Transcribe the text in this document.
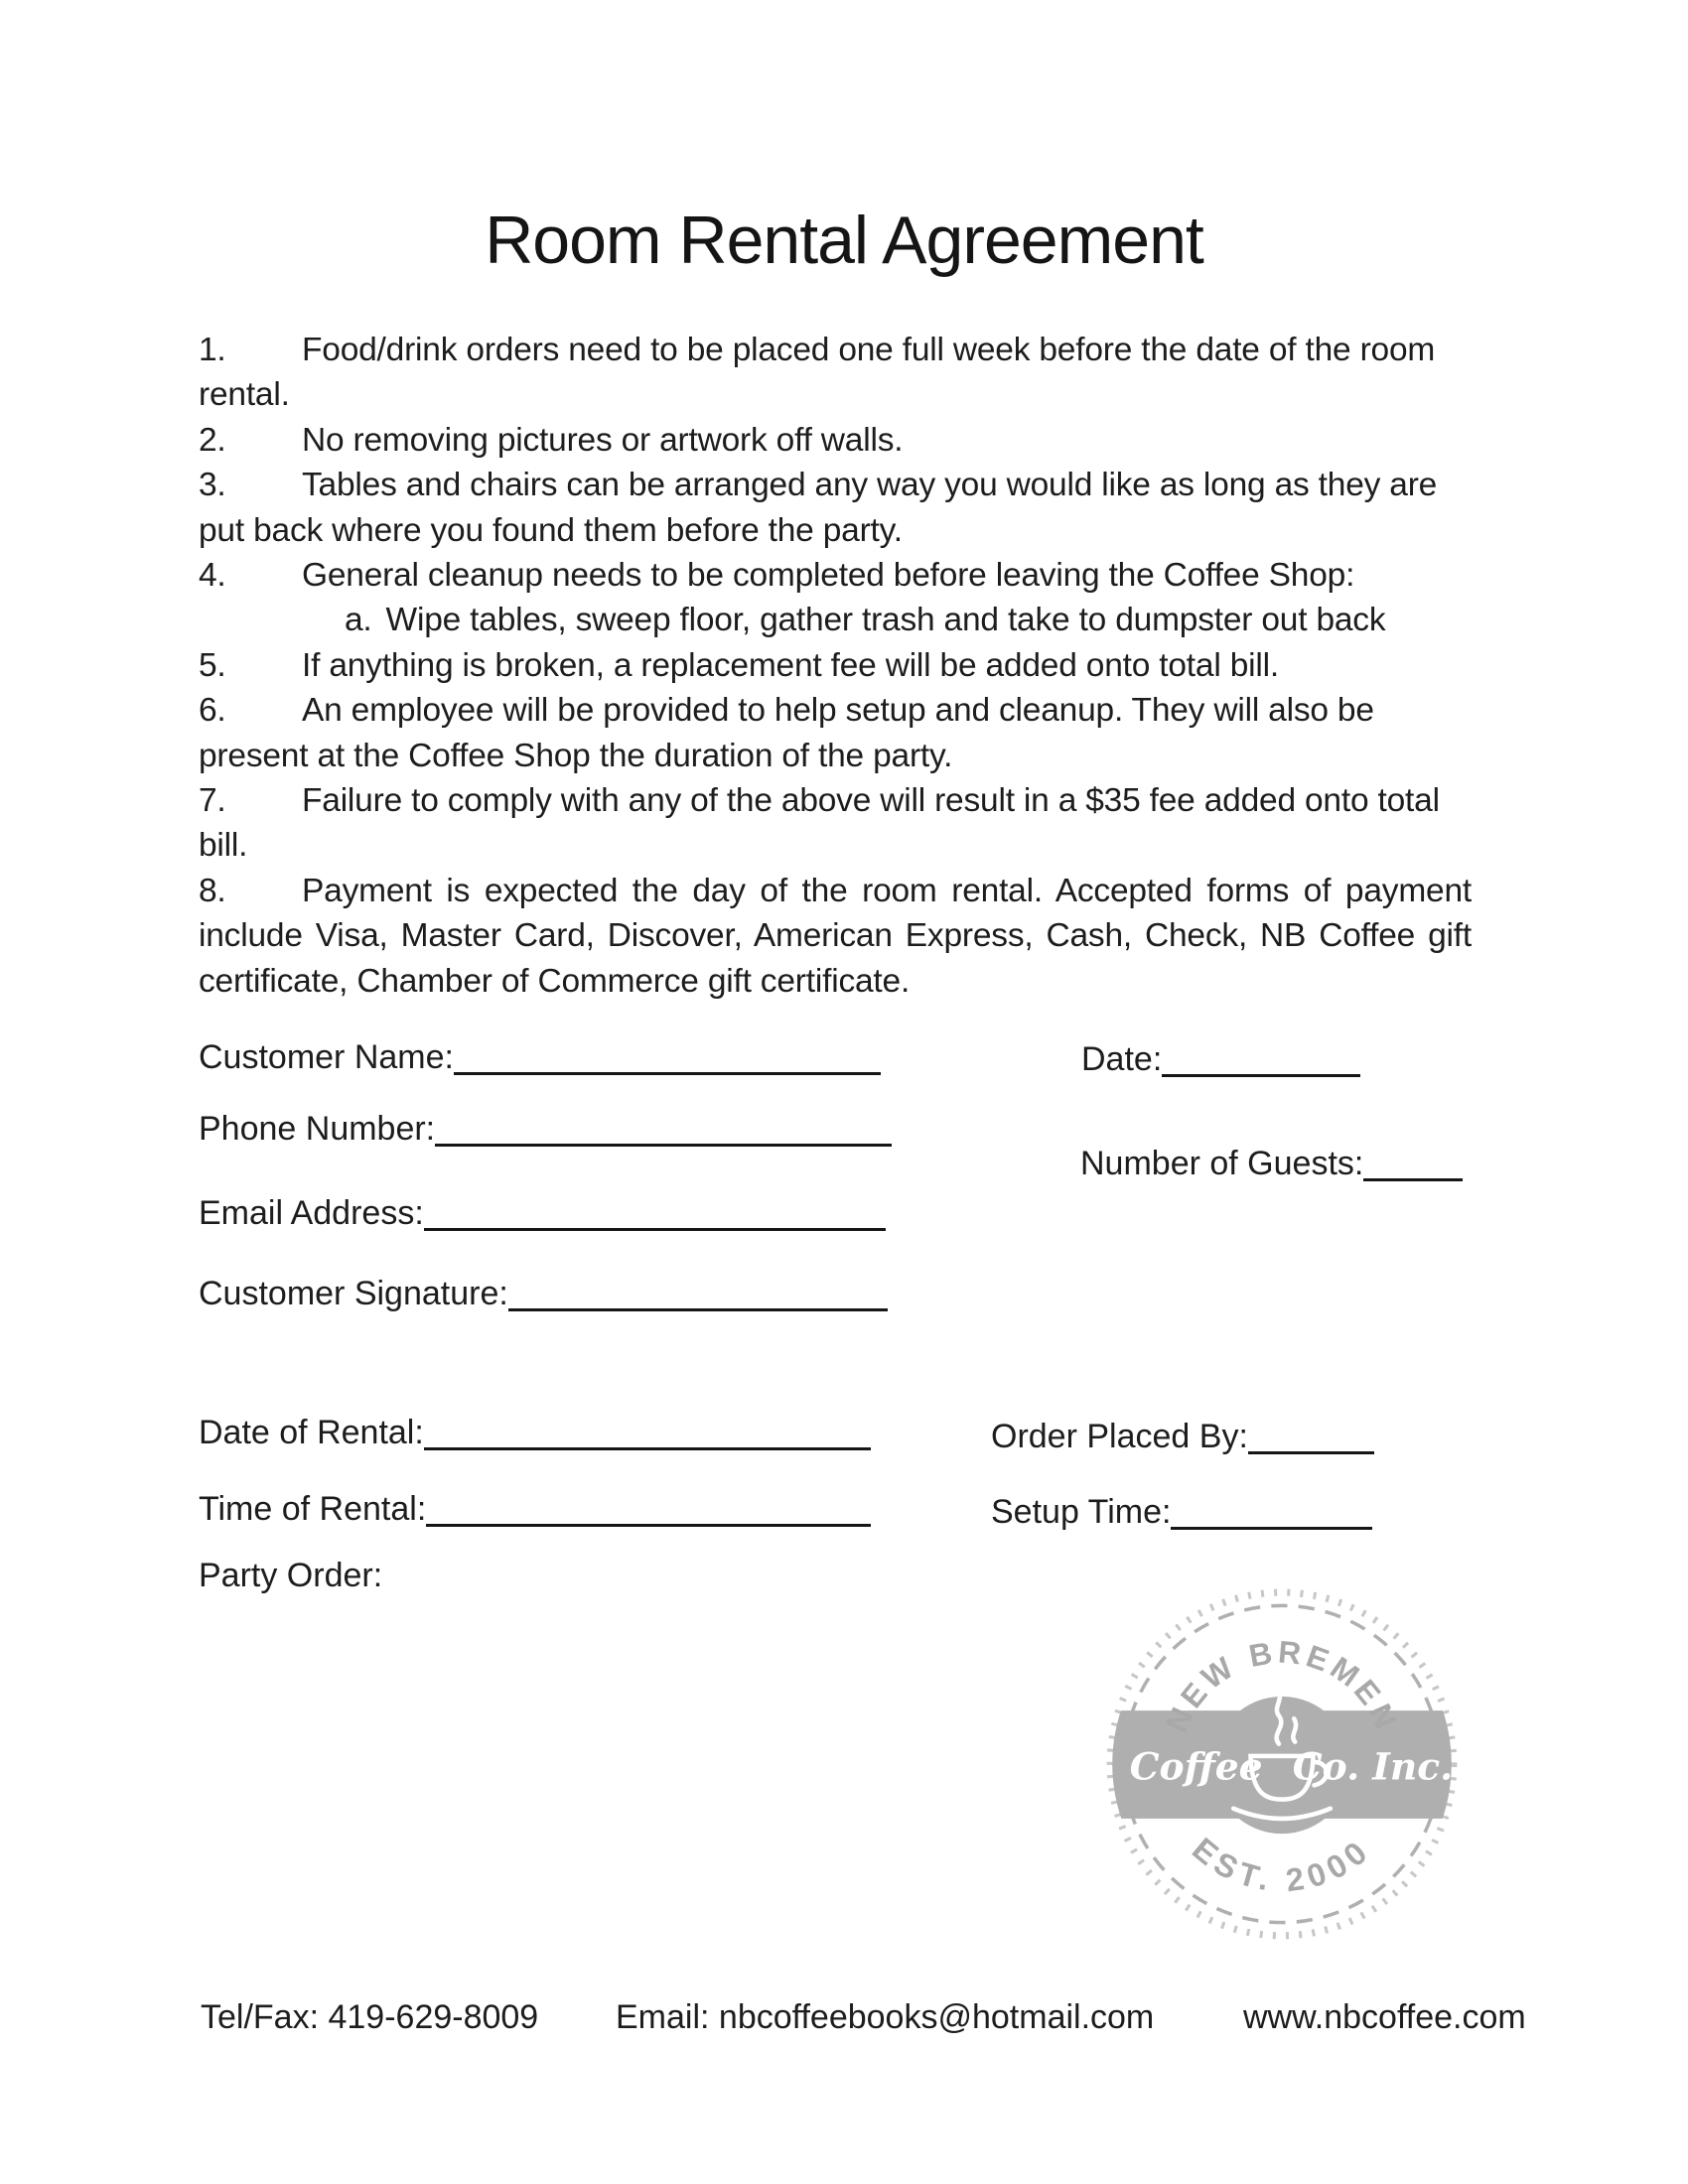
Room Rental Agreement

1. Food/drink orders need to be placed one full week before the date of the room rental.

2. No removing pictures or artwork off walls.

3. Tables and chairs can be arranged any way you would like as long as they are put back where you found them before the party.

4. General cleanup needs to be completed before leaving the Coffee Shop:

a. Wipe tables, sweep floor, gather trash and take to dumpster out back

5. If anything is broken, a replacement fee will be added onto total bill.

6. An employee will be provided to help setup and cleanup. They will also be present at the Coffee Shop the duration of the party.

7. Failure to comply with any of the above will result in a $35 fee added onto total bill.

8. Payment is expected the day of the room rental. Accepted forms of payment include Visa, Master Card, Discover, American Express, Cash, Check, NB Coffee gift certificate, Chamber of Commerce gift certificate.

Customer Name:	Date:
Phone Number:
Number of Guests:
Email Address:
Customer Signature:
Date of Rental:	Order Placed By:
Time of Rental:	Setup Time:
Party Order:
Coffee Co. Inc.
NEW BREMEN
EST. 2000
Tel/Fax: 419-629-8009 Email: nbcoffeebooks@hotmail.com	www.nbcoffee.com
